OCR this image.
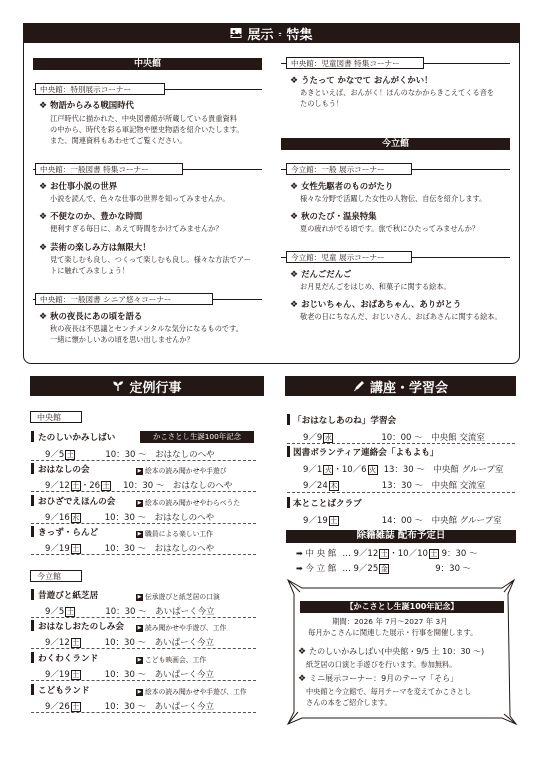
展示・特集
中央館
中央館：特別展示コーナー
❖ 物語からみる戦国時代
江戸時代に描かれた、中央図書館が所蔵している貴重資料
の中から、時代を彩る軍記物や歴史物語を紹介いたします。
また、関連資料もあわせてご覧ください。
中央館：一般図書 特集コーナー
❖ お仕事小説の世界
小説を読んで、色々な仕事の世界を知ってみませんか。
❖ 不便なのか、豊かな時間
便利すぎる毎日に、あえて時間をかけてみませんか？
❖ 芸術の楽しみ方は無限大！
見て楽しむも良し、つくって楽しむも良し。様々な方法でアー
トに触れてみましょう！
中央館：一般図書 シニア悠々コーナー
❖ 秋の夜長にあの頃を語る
秋の夜長は不思議とセンチメンタルな気分になるものです。
一緒に懐かしいあの頃を思い出しませんか？
中央館：児童図書 特集コーナー
❖ うたって かなでて おんがくかい！
あきといえば、おんがく！ほんのなかからきこえてくる音を
たのしもう！
今立館
今立館：一般 展示コーナー
❖ 女性先駆者のものがたり
様々な分野で活躍した女性の人物伝、自伝を紹介します。
❖ 秋のたび・温泉特集
夏の疲れがでる頃です。旅で秋にひたってみませんか？
今立館：児童 展示コーナー
❖ だんごだんご
お月見だんごをはじめ、和菓子に関する絵本。
❖ おじいちゃん、おばあちゃん、ありがとう
敬老の日にちなんだ、おじいさん、おばあさんに関する絵本。
定例行事
中央館
たのしいかみしばい	かこさとし生誕100年記念
9／5 土	10：30 〜　おはなしのへや
おはなしの会	▶ 絵本の読み聞かせや手遊び
9／12 土 ・26 土 10：30 〜　おはなしのへや
おひざでえほんの会	▶ 絵本の読み聞かせやわらべうた
9／16 水	10：30 〜　おはなしのへや
きっず・らんど	▶ 職員による楽しい工作
9／19 土	10：30 〜　おはなしのへや
今立館
昔遊びと紙芝居	▶ 伝承遊びと紙芝居の口演
9／5 土	10：30 〜　あいぱーく今立
おはなしおたのしみ会	▶ 読み聞かせや手遊び、工作
9／12 土	10：30 〜　あいぱーく今立
わくわくランド	▶ こども映画会、工作
9／19 土	10：30 〜　あいぱーく今立
こどもランド	▶ 絵本の読み聞かせや手遊び、工作
9／26 土	10：30 〜　あいぱーく今立
講座・学習会
「おはなしあのね」学習会
9／9 水	10：00 〜　中央館 交流室
図書ボランティア連絡会「よもよも」
9／1 火 ・10／6 火 13：30 〜　中央館 グループ室
9／24 木	13：30 〜　中央館 交流室
本とことばクラブ
9／19 土	14：00 〜　中央館 グループ室
除籍雑誌 配布予定日
➡ 中 央 館 … 9／12 土 ・10／10 土 9：30 〜
➡ 今 立 館 … 9／25 金	9：30 〜
【かこさとし生誕100年記念】
期間：2026 年 7月〜2027 年 3月
毎月かこさんに関連した展示・行事を開催します。
❖ たのしいかみしばい(中央館・9/5 土 10：30 〜)
紙芝居の口演と手遊びを行います。参加無料。
❖ ミニ展示コーナー：9月のテーマ「そら」
中央館と今立館で、毎月テーマを変えてかこさとし
さんの本をご紹介します。
